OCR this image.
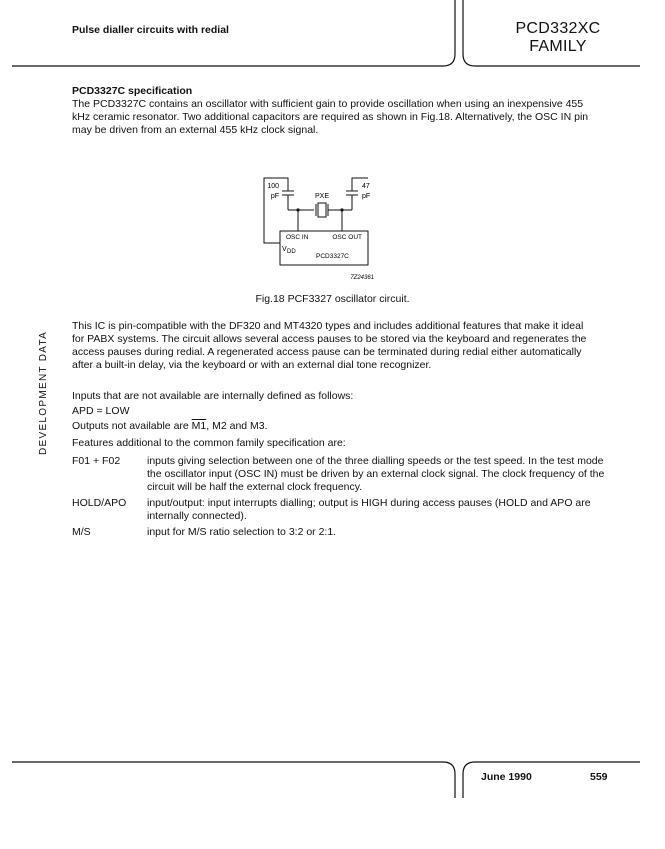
Pulse dialler circuits with redial	PCD332XC
FAMILY
PCD3327C specification
The PCD3327C contains an oscillator with sufficient gain to provide oscillation when using an inexpensive 455 kHz ceramic resonator. Two additional capacitors are required as shown in Fig.18. Alternatively, the OSC IN pin may be driven from an external 455 kHz clock signal.
100
pF
47
pF
PXE
OSC IN	OSC OUT
V DD
PCD3327C
7Z24361
Fig.18 PCF3327 oscillator circuit.
DEVELOPMENT DATA
This IC is pin-compatible with the DF320 and MT4320 types and includes additional features that make it ideal for PABX systems. The circuit allows several access pauses to be stored via the keyboard and regenerates the access pauses during redial. A regenerated access pause can be terminated during redial either automatically after a built-in delay, via the keyboard or with an external dial tone recognizer.
Inputs that are not available are internally defined as follows:
APD = LOW
Outputs not available are M1, M2 and M3.
Features additional to the common family specification are:
F01 + F02	inputs giving selection between one of the three dialling speeds or the test speed. In the test mode the oscillator input (OSC IN) must be driven by an external clock signal. The clock frequency of the circuit will be half the external clock frequency.
HOLD/APO	input/output: input interrupts dialling; output is HIGH during access pauses (HOLD and APO are internally connected).
M/S	input for M/S ratio selection to 3:2 or 2:1.
June 1990	559
